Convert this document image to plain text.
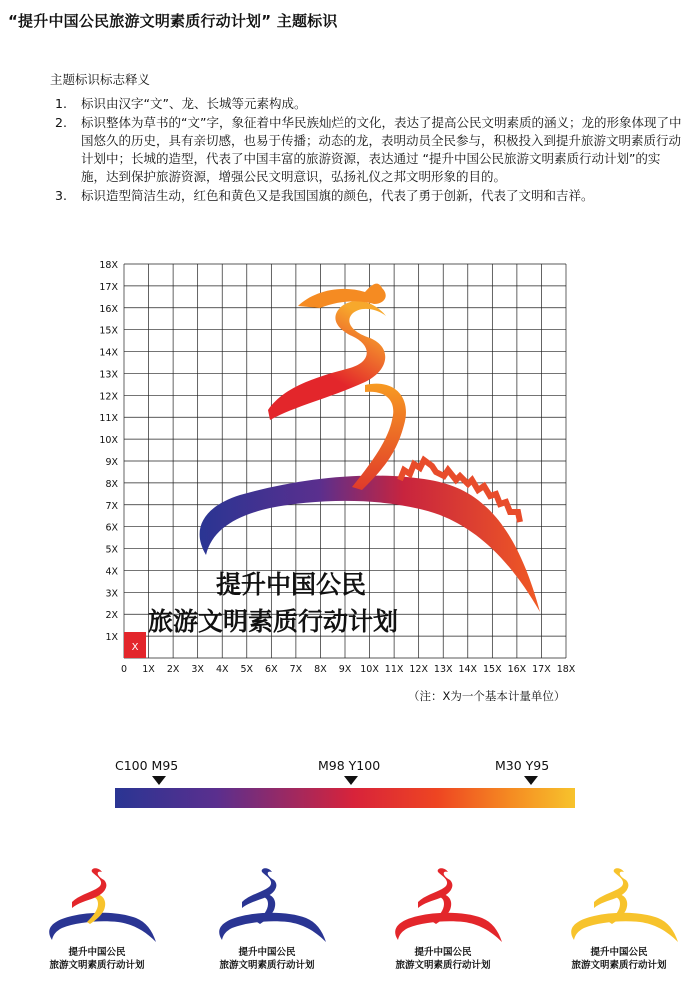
“提升中国公民旅游文明素质行动计划” 主题标识
主题标识标志释义
1. 标识由汉字“文”、龙、长城等元素构成。
2. 标识整体为草书的“文”字，象征着中华民族灿烂的文化，表达了提高公民文明素质的涵义；龙的形象体现了中国悠久的历史，具有亲切感，也易于传播；动态的龙，表明动员全民参与，积极投入到提升旅游文明素质行动计划中；长城的造型，代表了中国丰富的旅游资源，表达通过 “提升中国公民旅游文明素质行动计划”的实施，达到保护旅游资源，增强公民文明意识，弘扬礼仪之邦文明形象的目的。
3. 标识造型简洁生动，红色和黄色又是我国国旗的颜色，代表了勇于创新，代表了文明和吉祥。
18X
17X
16X
15X
14X
13X
12X
11X
10X
9X
8X
7X
6X
5X
4X
3X
2X
1X
0 1X 2X 3X 4X 5X 6X 7X 8X 9X 10X 11X 12X 13X 14X 15X 16X 17X 18X
X
提升中国公民
旅游文明素质行动计划
（注：X为一个基本计量单位）
C100 M95	M98 Y100	M30 Y95
提升中国公民
旅游文明素质行动计划
提升中国公民
旅游文明素质行动计划
提升中国公民
旅游文明素质行动计划
提升中国公民
旅游文明素质行动计划
